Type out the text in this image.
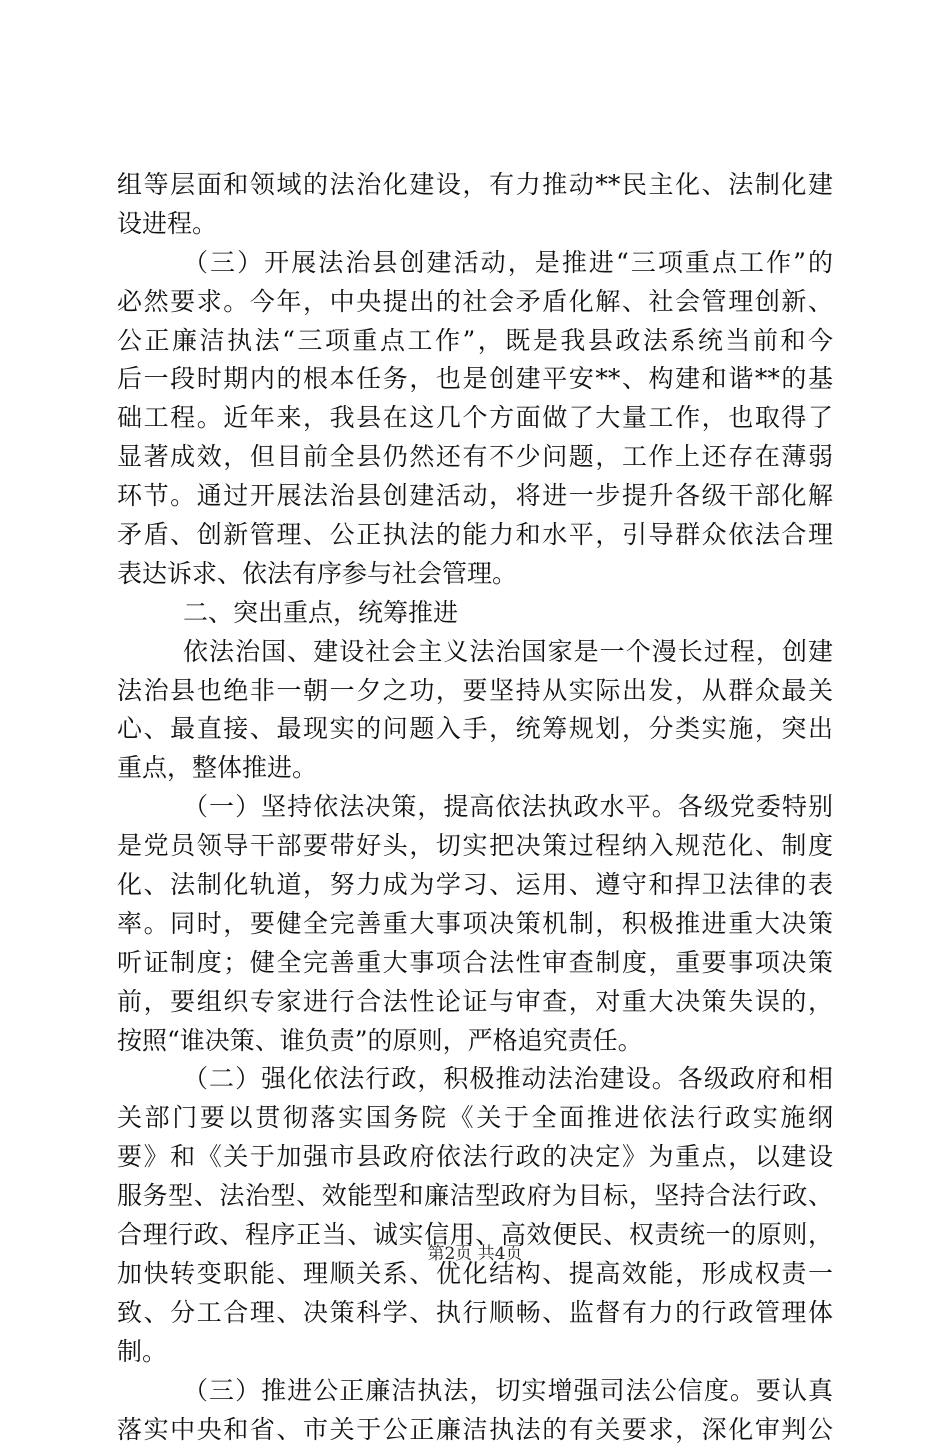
组等层面和领域的法治化建设，有力推动**民主化、法制化建
设进程。
（三）开展法治县创建活动，是推进“三项重点工作”的
必然要求。今年，中央提出的社会矛盾化解、社会管理创新、
公正廉洁执法“三项重点工作”，既是我县政法系统当前和今
后一段时期内的根本任务，也是创建平安**、构建和谐**的基
础工程。近年来，我县在这几个方面做了大量工作，也取得了
显著成效，但目前全县仍然还有不少问题，工作上还存在薄弱
环节。通过开展法治县创建活动，将进一步提升各级干部化解
矛盾、创新管理、公正执法的能力和水平，引导群众依法合理
表达诉求、依法有序参与社会管理。
二、突出重点，统筹推进
依法治国、建设社会主义法治国家是一个漫长过程，创建
法治县也绝非一朝一夕之功，要坚持从实际出发，从群众最关
心、最直接、最现实的问题入手，统筹规划，分类实施，突出
重点，整体推进。
（一）坚持依法决策，提高依法执政水平。各级党委特别
是党员领导干部要带好头，切实把决策过程纳入规范化、制度
化、法制化轨道，努力成为学习、运用、遵守和捍卫法律的表
率。同时，要健全完善重大事项决策机制，积极推进重大决策
听证制度；健全完善重大事项合法性审查制度，重要事项决策
前，要组织专家进行合法性论证与审查，对重大决策失误的，
按照“谁决策、谁负责”的原则，严格追究责任。
（二）强化依法行政，积极推动法治建设。各级政府和相
关部门要以贯彻落实国务院《关于全面推进依法行政实施纲
要》和《关于加强市县政府依法行政的决定》为重点，以建设
服务型、法治型、效能型和廉洁型政府为目标，坚持合法行政、
合理行政、程序正当、诚实信用、高效便民、权责统一的原则，
加快转变职能、理顺关系、优化结构、提高效能，形成权责一
致、分工合理、决策科学、执行顺畅、监督有力的行政管理体
制。
（三）推进公正廉洁执法，切实增强司法公信度。要认真
落实中央和省、市关于公正廉洁执法的有关要求，深化审判公
第2页 共4页
